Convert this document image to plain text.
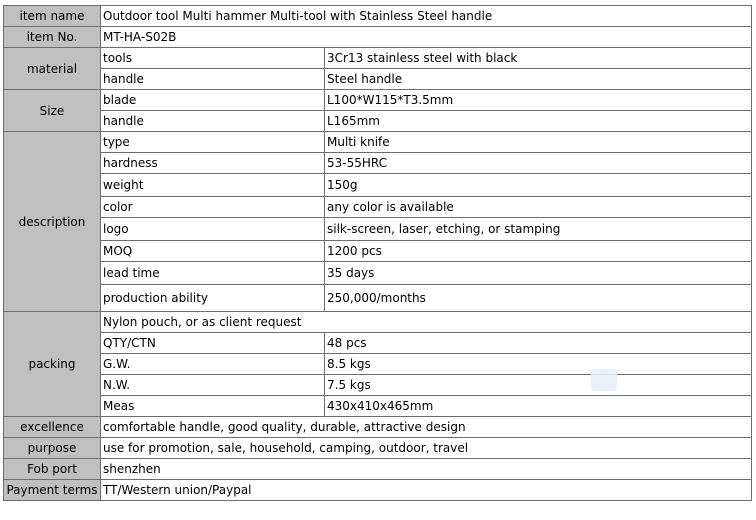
item name	Outdoor tool Multi hammer Multi-tool with Stainless Steel handle	
item No.	MT-HA-S02B	
material	tools	3Cr13 stainless steel with black
	handle	Steel handle
Size	blade	L100*W115*T3.5mm
	handle	L165mm
description	type	Multi knife
	hardness	53-55HRC
	weight	150g
	color	any color is available
	logo	silk-screen, laser, etching, or stamping
	MOQ	1200 pcs
	lead time	35 days
	production ability	250,000/months
packing	Nylon pouch, or as client request	
	QTY/CTN	48 pcs
	G.W.	8.5 kgs
	N.W.	7.5 kgs
	Meas	430x410x465mm
excellence	comfortable handle, good quality, durable, attractive design	
purpose	use for promotion, sale, household, camping, outdoor, travel	
Fob port	shenzhen	
Payment terms	TT/Western union/Paypal	
